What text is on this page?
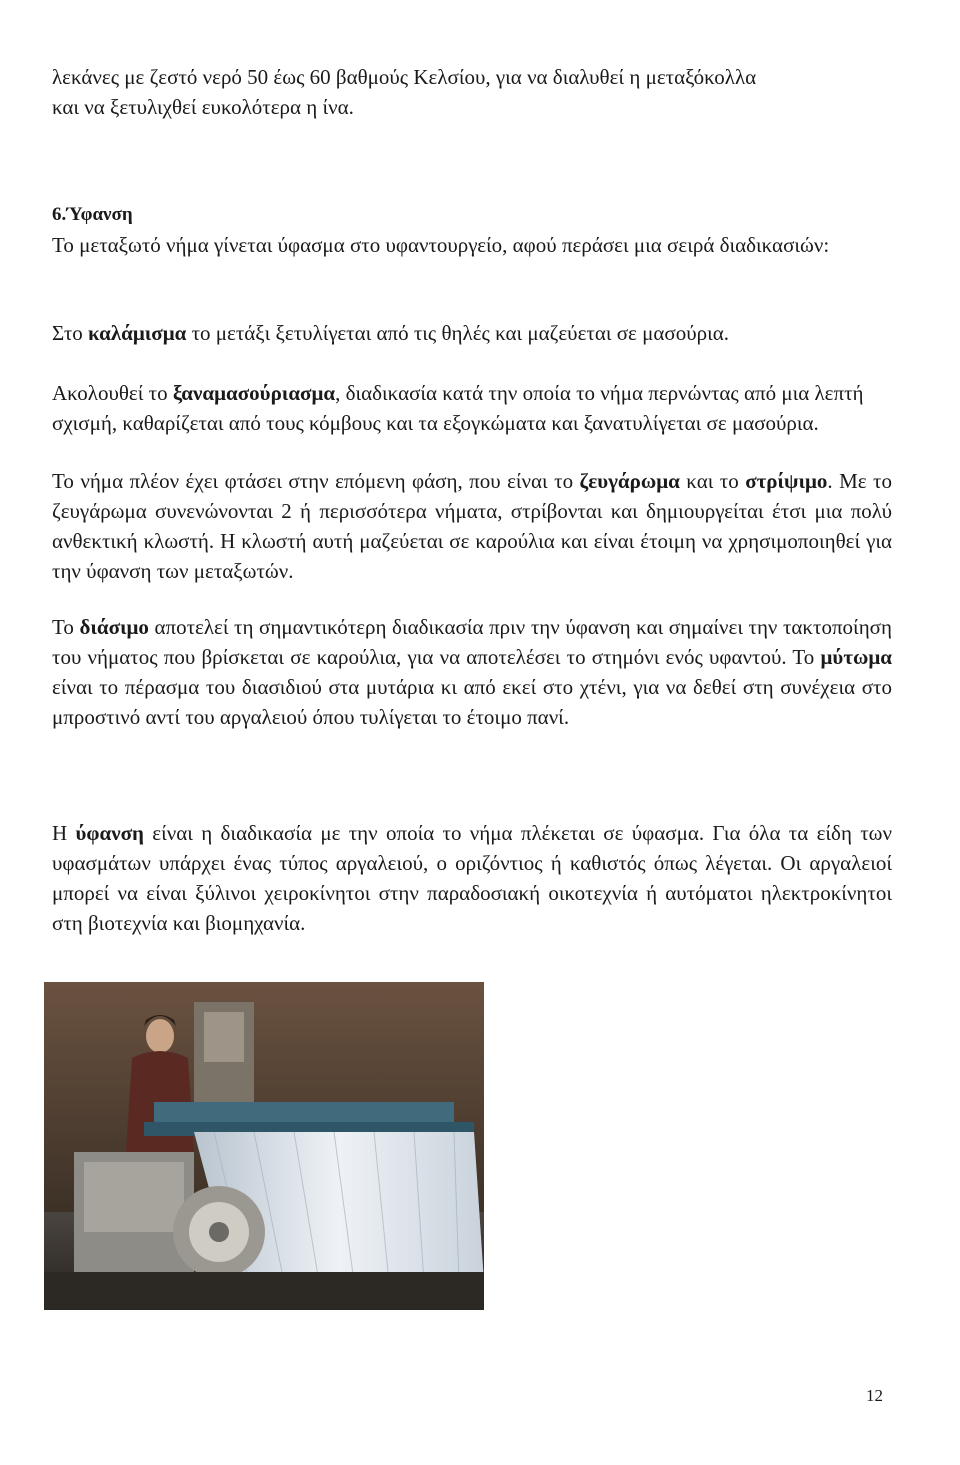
λεκάνες με ζεστό νερό 50 έως 60 βαθμούς Κελσίου, για να διαλυθεί η μεταξόκολλα

και να ξετυλιχθεί ευκολότερα η ίνα.

6.Ύφανση

Το μεταξωτό νήμα γίνεται ύφασμα στο υφαντουργείο, αφού περάσει μια σειρά διαδικασιών:

Στο καλάμισμα το μετάξι ξετυλίγεται από τις θηλές και μαζεύεται σε μασούρια.

Ακολουθεί το ξαναμασούριασμα, διαδικασία κατά την οποία το νήμα περνώντας από μια λεπτή σχισμή, καθαρίζεται από τους κόμβους και τα εξογκώματα και ξανατυλίγεται σε μασούρια.

Το νήμα πλέον έχει φτάσει στην επόμενη φάση, που είναι το ζευγάρωμα και το στρίψιμο. Με το ζευγάρωμα συνενώνονται 2 ή περισσότερα νήματα, στρίβονται και δημιουργείται έτσι μια πολύ ανθεκτική κλωστή. Η κλωστή αυτή μαζεύεται σε καρούλια και είναι έτοιμη να χρησιμοποιηθεί για την ύφανση των μεταξωτών.

Το διάσιμο αποτελεί τη σημαντικότερη διαδικασία πριν την ύφανση και σημαίνει την τακτοποίηση του νήματος που βρίσκεται σε καρούλια, για να αποτελέσει το στημόνι ενός υφαντού. Το μύτωμα είναι το πέρασμα του διασιδιού στα μυτάρια κι από εκεί στο χτένι, για να δεθεί στη συνέχεια στο μπροστινό αντί του αργαλειού όπου τυλίγεται το έτοιμο πανί.

Η ύφανση είναι η διαδικασία με την οποία το νήμα πλέκεται σε ύφασμα. Για όλα τα είδη των υφασμάτων υπάρχει ένας τύπος αργαλειού, ο οριζόντιος ή καθιστός όπως λέγεται. Οι αργαλειοί μπορεί να είναι ξύλινοι χειροκίνητοι στην παραδοσιακή οικοτεχνία ή αυτόματοι ηλεκτροκίνητοι στη βιοτεχνία και βιομηχανία.

12
